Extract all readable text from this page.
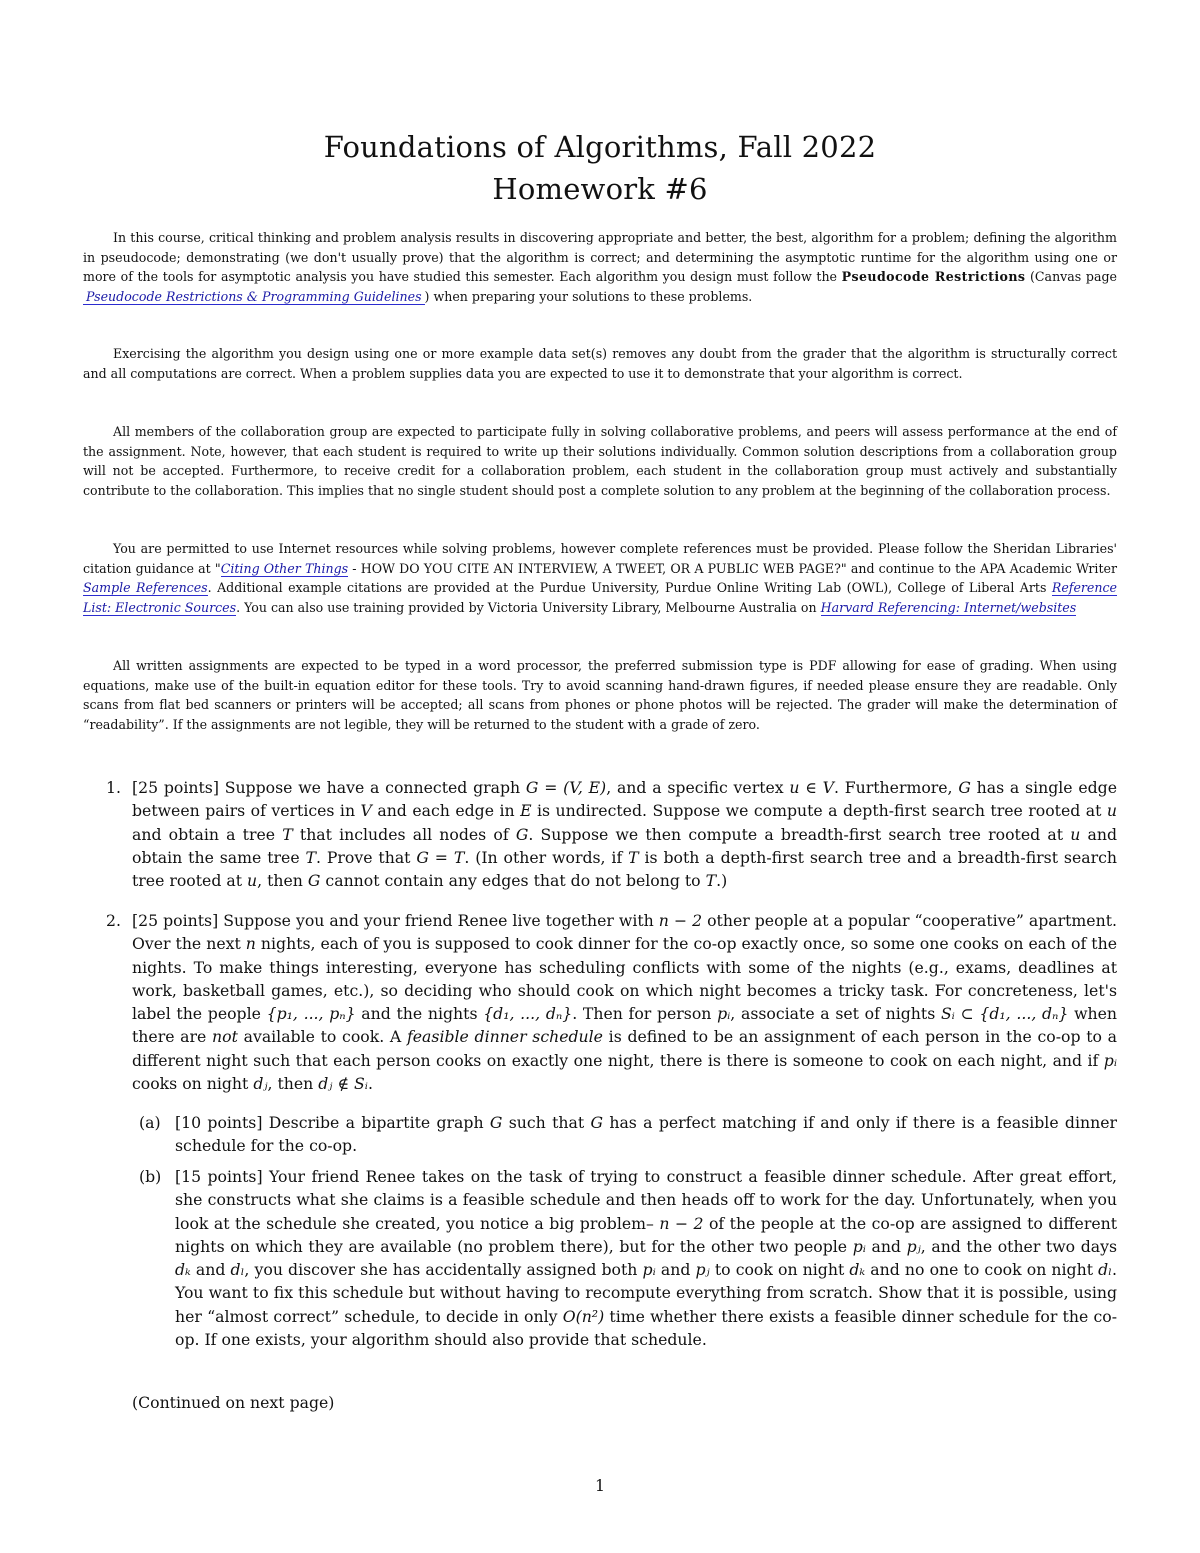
Foundations of Algorithms, Fall 2022
Homework #6

In this course, critical thinking and problem analysis results in discovering appropriate and better, the best, algorithm for a problem; defining the algorithm in pseudocode; demonstrating (we don't usually prove) that the algorithm is correct; and determining the asymptotic runtime for the algorithm using one or more of the tools for asymptotic analysis you have studied this semester. Each algorithm you design must follow the Pseudocode Restrictions (Canvas page Pseudocode Restrictions & Programming Guidelines ) when preparing your solutions to these problems.

Exercising the algorithm you design using one or more example data set(s) removes any doubt from the grader that the algorithm is structurally correct and all computations are correct. When a problem supplies data you are expected to use it to demonstrate that your algorithm is correct.

All members of the collaboration group are expected to participate fully in solving collaborative problems, and peers will assess performance at the end of the assignment. Note, however, that each student is required to write up their solutions individually. Common solution descriptions from a collaboration group will not be accepted. Furthermore, to receive credit for a collaboration problem, each student in the collaboration group must actively and substantially contribute to the collaboration. This implies that no single student should post a complete solution to any problem at the beginning of the collaboration process.

You are permitted to use Internet resources while solving problems, however complete references must be provided. Please follow the Sheridan Libraries' citation guidance at "Citing Other Things - HOW DO YOU CITE AN INTERVIEW, A TWEET, OR A PUBLIC WEB PAGE?" and continue to the APA Academic Writer Sample References. Additional example citations are provided at the Purdue University, Purdue Online Writing Lab (OWL), College of Liberal Arts Reference List: Electronic Sources. You can also use training provided by Victoria University Library, Melbourne Australia on Harvard Referencing: Internet/websites

All written assignments are expected to be typed in a word processor, the preferred submission type is PDF allowing for ease of grading. When using equations, make use of the built-in equation editor for these tools. Try to avoid scanning hand-drawn figures, if needed please ensure they are readable. Only scans from flat bed scanners or printers will be accepted; all scans from phones or phone photos will be rejected. The grader will make the determination of “readability”. If the assignments are not legible, they will be returned to the student with a grade of zero.

1. [25 points] Suppose we have a connected graph G = (V, E), and a specific vertex u ∈ V. Furthermore, G has a single edge between pairs of vertices in V and each edge in E is undirected. Suppose we compute a depth-first search tree rooted at u and obtain a tree T that includes all nodes of G. Suppose we then compute a breadth-first search tree rooted at u and obtain the same tree T. Prove that G = T. (In other words, if T is both a depth-first search tree and a breadth-first search tree rooted at u, then G cannot contain any edges that do not belong to T.)

2. [25 points] Suppose you and your friend Renee live together with n − 2 other people at a popular “cooperative” apartment. Over the next n nights, each of you is supposed to cook dinner for the co-op exactly once, so some one cooks on each of the nights. To make things interesting, everyone has scheduling conflicts with some of the nights (e.g., exams, deadlines at work, basketball games, etc.), so deciding who should cook on which night becomes a tricky task. For concreteness, let's label the people {p₁, ..., pₙ} and the nights {d₁, ..., dₙ}. Then for person pᵢ, associate a set of nights Sᵢ ⊂ {d₁, ..., dₙ} when there are not available to cook. A feasible dinner schedule is defined to be an assignment of each person in the co-op to a different night such that each person cooks on exactly one night, there is there is someone to cook on each night, and if pᵢ cooks on night dⱼ, then dⱼ ∉ Sᵢ.

(a) [10 points] Describe a bipartite graph G such that G has a perfect matching if and only if there is a feasible dinner schedule for the co-op.

(b) [15 points] Your friend Renee takes on the task of trying to construct a feasible dinner schedule. After great effort, she constructs what she claims is a feasible schedule and then heads off to work for the day. Unfortunately, when you look at the schedule she created, you notice a big problem– n − 2 of the people at the co-op are assigned to different nights on which they are available (no problem there), but for the other two people pᵢ and pⱼ, and the other two days dₖ and dₗ, you discover she has accidentally assigned both pᵢ and pⱼ to cook on night dₖ and no one to cook on night dₗ. You want to fix this schedule but without having to recompute everything from scratch. Show that it is possible, using her “almost correct” schedule, to decide in only O(n²) time whether there exists a feasible dinner schedule for the co-op. If one exists, your algorithm should also provide that schedule.

(Continued on next page)
1
